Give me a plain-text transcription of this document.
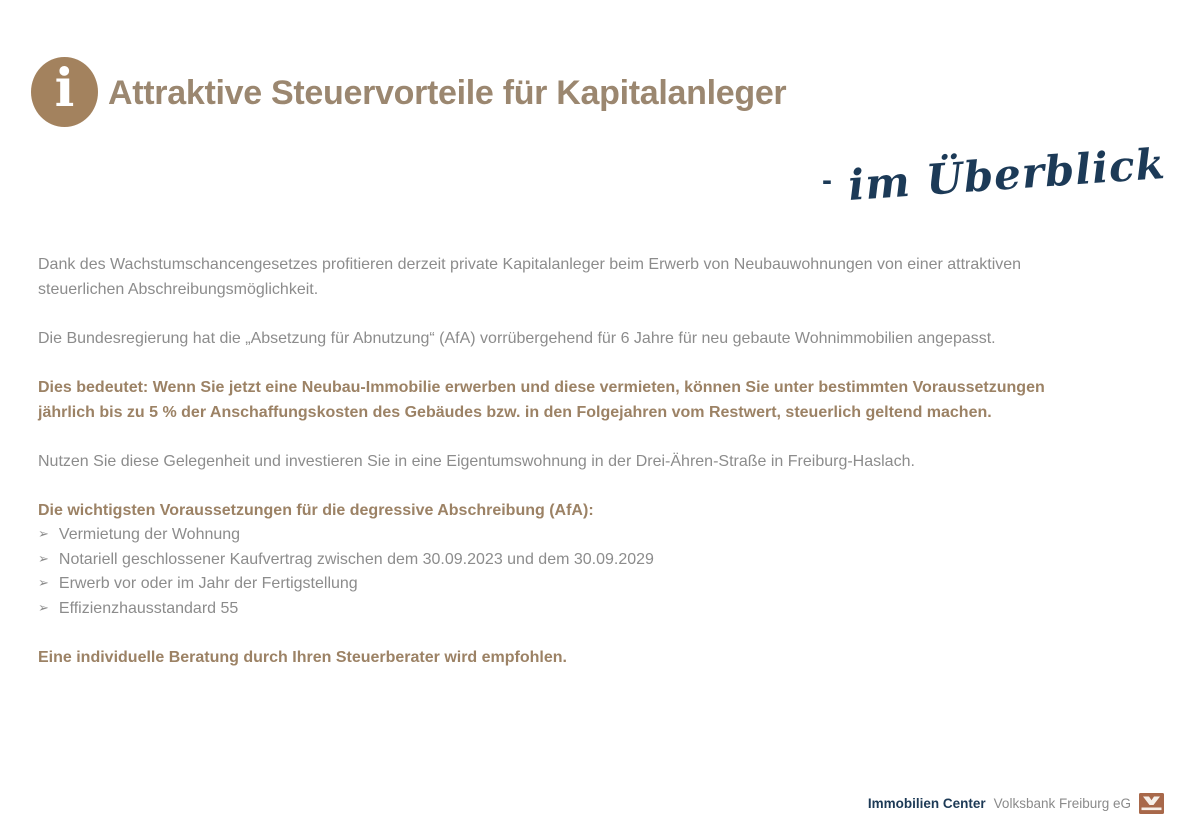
i Attraktive Steuervorteile für Kapitalanleger
- im Überblick

Dank des Wachstumschancengesetzes profitieren derzeit private Kapitalanleger beim Erwerb von Neubauwohnungen von einer attraktiven steuerlichen Abschreibungsmöglichkeit.

Die Bundesregierung hat die „Absetzung für Abnutzung“ (AfA) vorrübergehend für 6 Jahre für neu gebaute Wohnimmobilien angepasst.

Dies bedeutet: Wenn Sie jetzt eine Neubau-Immobilie erwerben und diese vermieten, können Sie unter bestimmten Voraussetzungen jährlich bis zu 5 % der Anschaffungskosten des Gebäudes bzw. in den Folgejahren vom Restwert, steuerlich geltend machen.

Nutzen Sie diese Gelegenheit und investieren Sie in eine Eigentumswohnung in der Drei-Ähren-Straße in Freiburg-Haslach.

Die wichtigsten Voraussetzungen für die degressive Abschreibung (AfA):

➢ Vermietung der Wohnung
➢ Notariell geschlossener Kaufvertrag zwischen dem 30.09.2023 und dem 30.09.2029
➢ Erwerb vor oder im Jahr der Fertigstellung
➢ Effizienzhausstandard 55

Eine individuelle Beratung durch Ihren Steuerberater wird empfohlen.

Immobilien Center Volksbank Freiburg eG
